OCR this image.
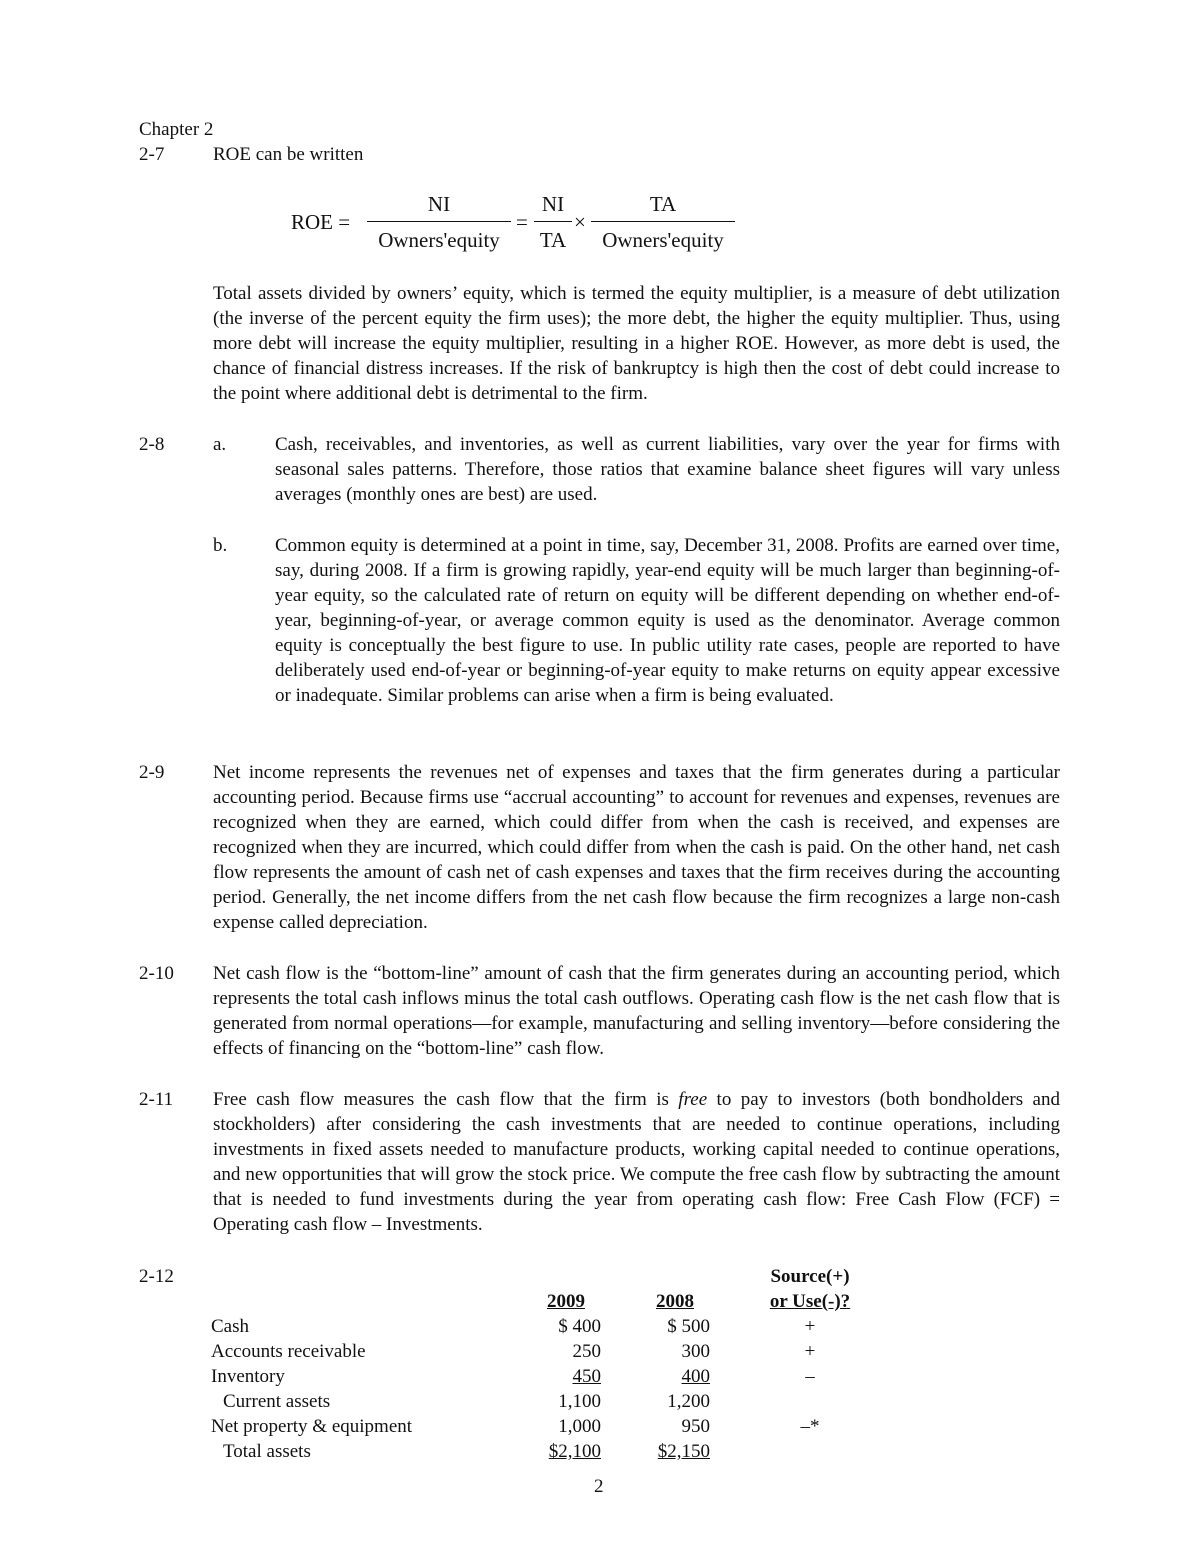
Chapter 2
2-7	ROE can be written
ROE =
NI
Owners'equity
= $\frac{NI}{TA}$ ×
TA
Owners'equity
Total assets divided by owners’ equity, which is termed the equity multiplier, is a measure of debt utilization (the inverse of the percent equity the firm uses); the more debt, the higher the equity multiplier. Thus, using more debt will increase the equity multiplier, resulting in a higher ROE. However, as more debt is used, the chance of financial distress increases. If the risk of bankruptcy is high then the cost of debt could increase to the point where additional debt is detrimental to the firm.
2-8	a.	Cash, receivables, and inventories, as well as current liabilities, vary over the year for firms with seasonal sales patterns. Therefore, those ratios that examine balance sheet figures will vary unless averages (monthly ones are best) are used.
b.	Common equity is determined at a point in time, say, December 31, 2008. Profits are earned over time, say, during 2008. If a firm is growing rapidly, year-end equity will be much larger than beginning-of-year equity, so the calculated rate of return on equity will be different depending on whether end-of-year, beginning-of-year, or average common equity is used as the denominator. Average common equity is conceptually the best figure to use. In public utility rate cases, people are reported to have deliberately used end-of-year or beginning-of-year equity to make returns on equity appear excessive or inadequate. Similar problems can arise when a firm is being evaluated.
2-9	Net income represents the revenues net of expenses and taxes that the firm generates during a particular accounting period. Because firms use “accrual accounting” to account for revenues and expenses, revenues are recognized when they are earned, which could differ from when the cash is received, and expenses are recognized when they are incurred, which could differ from when the cash is paid. On the other hand, net cash flow represents the amount of cash net of cash expenses and taxes that the firm receives during the accounting period. Generally, the net income differs from the net cash flow because the firm recognizes a large non-cash expense called depreciation.
2-10 Net cash flow is the “bottom-line” amount of cash that the firm generates during an accounting period, which represents the total cash inflows minus the total cash outflows. Operating cash flow is the net cash flow that is generated from normal operations—for example, manufacturing and selling inventory—before considering the effects of financing on the “bottom-line” cash flow.
2-11 Free cash flow measures the cash flow that the firm is free to pay to investors (both bondholders and stockholders) after considering the cash investments that are needed to continue operations, including investments in fixed assets needed to manufacture products, working capital needed to continue operations, and new opportunities that will grow the stock price. We compute the free cash flow by subtracting the amount that is needed to fund investments during the year from operating cash flow: Free Cash Flow (FCF) = Operating cash flow – Investments.
2-12
						Source(+)
	2009		2008		or Use(-)?
Cash	$ 400		$ 500		+
Accounts receivable	250		300		+
Inventory	450		400		–
Current assets	1,100		1,200		
Net property & equipment	1,000		950		–*
Total assets	$2,100		$2,150		
2
